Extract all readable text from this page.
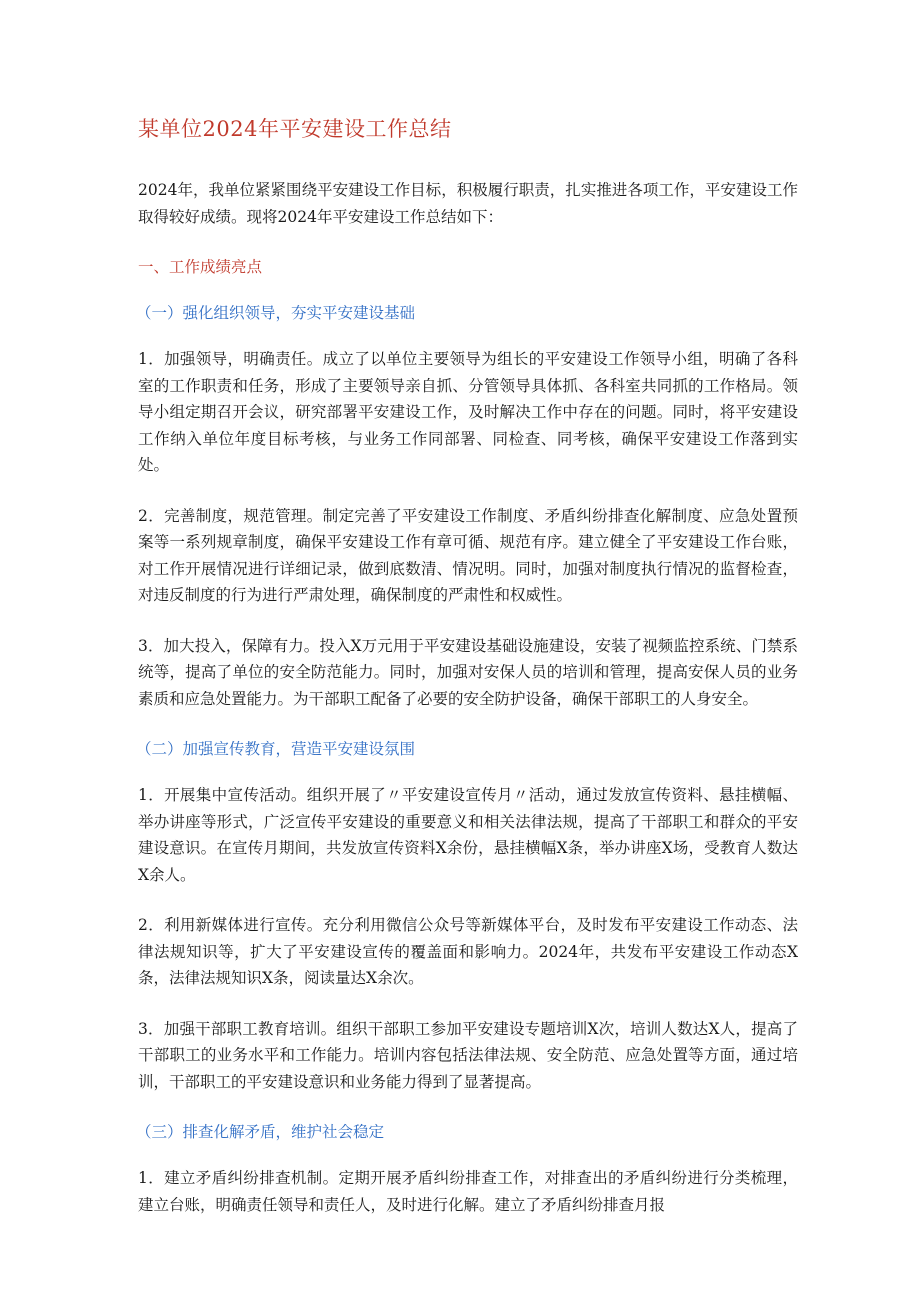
某单位2024年平安建设工作总结

2024年，我单位紧紧围绕平安建设工作目标，积极履行职责，扎实推进各项工作，平安建设工作取得较好成绩。现将2024年平安建设工作总结如下：

一、工作成绩亮点

（一）强化组织领导，夯实平安建设基础

1．加强领导，明确责任。成立了以单位主要领导为组长的平安建设工作领导小组，明确了各科室的工作职责和任务，形成了主要领导亲自抓、分管领导具体抓、各科室共同抓的工作格局。领导小组定期召开会议，研究部署平安建设工作，及时解决工作中存在的问题。同时，将平安建设工作纳入单位年度目标考核，与业务工作同部署、同检查、同考核，确保平安建设工作落到实处。

2．完善制度，规范管理。制定完善了平安建设工作制度、矛盾纠纷排查化解制度、应急处置预案等一系列规章制度，确保平安建设工作有章可循、规范有序。建立健全了平安建设工作台账，对工作开展情况进行详细记录，做到底数清、情况明。同时，加强对制度执行情况的监督检查，对违反制度的行为进行严肃处理，确保制度的严肃性和权威性。

3．加大投入，保障有力。投入X万元用于平安建设基础设施建设，安装了视频监控系统、门禁系统等，提高了单位的安全防范能力。同时，加强对安保人员的培训和管理，提高安保人员的业务素质和应急处置能力。为干部职工配备了必要的安全防护设备，确保干部职工的人身安全。

（二）加强宣传教育，营造平安建设氛围

1．开展集中宣传活动。组织开展了〃平安建设宣传月〃活动，通过发放宣传资料、悬挂横幅、举办讲座等形式，广泛宣传平安建设的重要意义和相关法律法规，提高了干部职工和群众的平安建设意识。在宣传月期间，共发放宣传资料X余份，悬挂横幅X条，举办讲座X场，受教育人数达X余人。

2．利用新媒体进行宣传。充分利用微信公众号等新媒体平台，及时发布平安建设工作动态、法律法规知识等，扩大了平安建设宣传的覆盖面和影响力。2024年，共发布平安建设工作动态X条，法律法规知识X条，阅读量达X余次。

3．加强干部职工教育培训。组织干部职工参加平安建设专题培训X次，培训人数达X人，提高了干部职工的业务水平和工作能力。培训内容包括法律法规、安全防范、应急处置等方面，通过培训，干部职工的平安建设意识和业务能力得到了显著提高。

（三）排查化解矛盾，维护社会稳定

1．建立矛盾纠纷排查机制。定期开展矛盾纠纷排查工作，对排查出的矛盾纠纷进行分类梳理，建立台账，明确责任领导和责任人，及时进行化解。建立了矛盾纠纷排查月报
